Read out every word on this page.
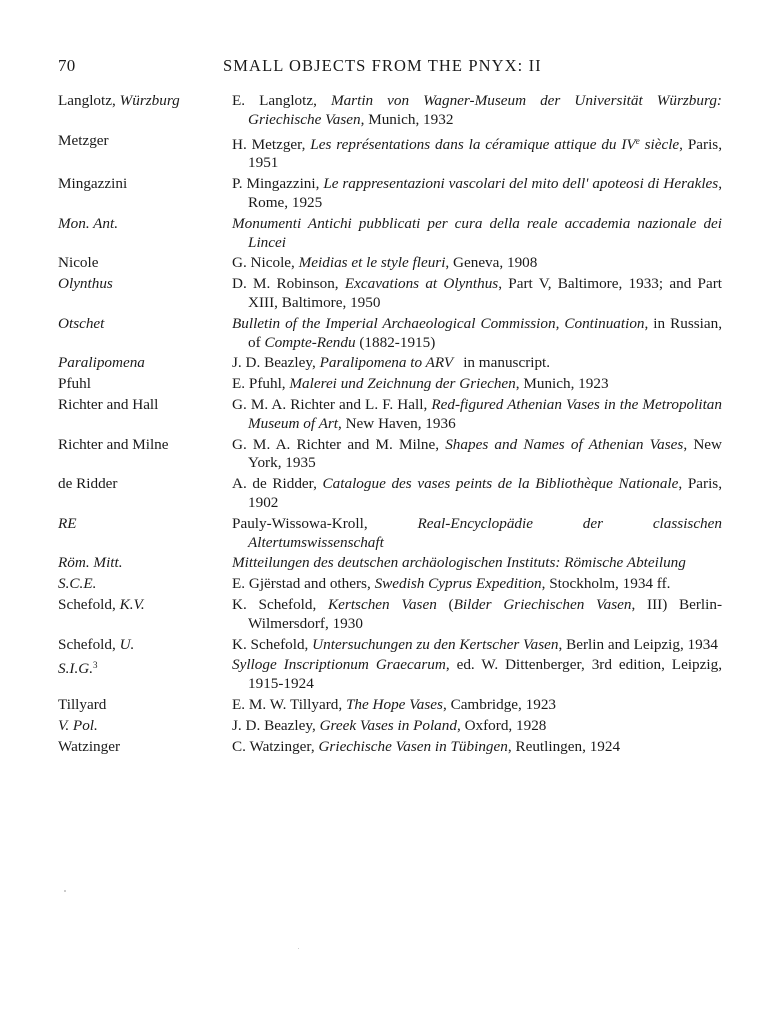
70	SMALL OBJECTS FROM THE PNYX: II
Langlotz, Würzburg	E. Langlotz, Martin von Wagner-Museum der Universität Würzburg: Griechische Vasen, Munich, 1932
Metzger	H. Metzger, Les représentations dans la céramique attique du IVe siècle, Paris, 1951
Mingazzini	P. Mingazzini, Le rappresentazioni vascolari del mito dell' apoteosi di Herakles, Rome, 1925
Mon. Ant.	Monumenti Antichi pubblicati per cura della reale accademia nazionale dei Lincei
Nicole	G. Nicole, Meidias et le style fleuri, Geneva, 1908
Olynthus	D. M. Robinson, Excavations at Olynthus, Part V, Baltimore, 1933; and Part XIII, Baltimore, 1950
Otschet	Bulletin of the Imperial Archaeological Commission, Continuation, in Russian, of Compte-Rendu (1882-1915)
Paralipomena	J. D. Beazley, Paralipomena to ARV in manuscript.
Pfuhl	E. Pfuhl, Malerei und Zeichnung der Griechen, Munich, 1923
Richter and Hall	G. M. A. Richter and L. F. Hall, Red-figured Athenian Vases in the Metropolitan Museum of Art, New Haven, 1936
Richter and Milne	G. M. A. Richter and M. Milne, Shapes and Names of Athenian Vases, New York, 1935
de Ridder	A. de Ridder, Catalogue des vases peints de la Bibliothèque Nationale, Paris, 1902
RE	Pauly-Wissowa-Kroll, Real-Encyclopädie der classischen Altertumswissenschaft
Röm. Mitt.	Mitteilungen des deutschen archäologischen Instituts: Römische Abteilung
S.C.E.	E. Gjërstad and others, Swedish Cyprus Expedition, Stockholm, 1934 ff.
Schefold, K.V.	K. Schefold, Kertschen Vasen (Bilder Griechischen Vasen, III) Berlin-Wilmersdorf, 1930
Schefold, U.	K. Schefold, Untersuchungen zu den Kertscher Vasen, Berlin and Leipzig, 1934
S.I.G.$^3$	Sylloge Inscriptionum Graecarum, ed. W. Dittenberger, 3rd edition, Leipzig, 1915-1924
Tillyard	E. M. W. Tillyard, The Hope Vases, Cambridge, 1923
V. Pol.	J. D. Beazley, Greek Vases in Poland, Oxford, 1928
Watzinger	C. Watzinger, Griechische Vasen in Tübingen, Reutlingen, 1924
